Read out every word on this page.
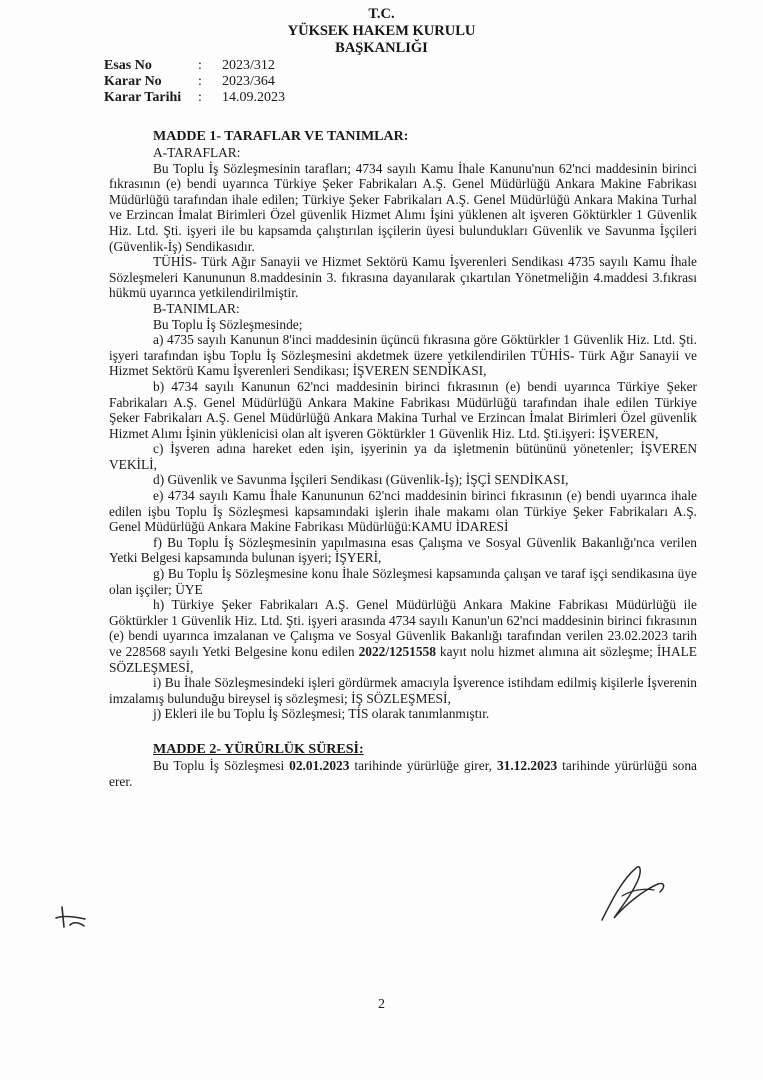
T.C.
YÜKSEK HAKEM KURULU
BAŞKANLIĞI
Esas No	: 2023/312
Karar No	: 2023/364
Karar Tarihi : 14.09.2023

MADDE 1- TARAFLAR VE TANIMLAR:

A-TARAFLAR:

Bu Toplu İş Sözleşmesinin tarafları; 4734 sayılı Kamu İhale Kanunu'nun 62'nci maddesinin birinci fıkrasının (e) bendi uyarınca Türkiye Şeker Fabrikaları A.Ş. Genel Müdürlüğü Ankara Makine Fabrikası Müdürlüğü tarafından ihale edilen; Türkiye Şeker Fabrikaları A.Ş. Genel Müdürlüğü Ankara Makina Turhal ve Erzincan İmalat Birimleri Özel güvenlik Hizmet Alımı İşini yüklenen alt işveren Göktürkler 1 Güvenlik Hiz. Ltd. Şti. işyeri ile bu kapsamda çalıştırılan işçilerin üyesi bulundukları Güvenlik ve Savunma İşçileri (Güvenlik-İş) Sendikasıdır.

TÜHİS- Türk Ağır Sanayii ve Hizmet Sektörü Kamu İşverenleri Sendikası 4735 sayılı Kamu İhale Sözleşmeleri Kanununun 8.maddesinin 3. fıkrasına dayanılarak çıkartılan Yönetmeliğin 4.maddesi 3.fıkrası hükmü uyarınca yetkilendirilmiştir.

B-TANIMLAR:

Bu Toplu İş Sözleşmesinde;

a) 4735 sayılı Kanunun 8'inci maddesinin üçüncü fıkrasına göre Göktürkler 1 Güvenlik Hiz. Ltd. Şti. işyeri tarafından işbu Toplu İş Sözleşmesini akdetmek üzere yetkilendirilen TÜHİS- Türk Ağır Sanayii ve Hizmet Sektörü Kamu İşverenleri Sendikası; İŞVEREN SENDİKASI,

b) 4734 sayılı Kanunun 62'nci maddesinin birinci fıkrasının (e) bendi uyarınca Türkiye Şeker Fabrikaları A.Ş. Genel Müdürlüğü Ankara Makine Fabrikası Müdürlüğü tarafından ihale edilen Türkiye Şeker Fabrikaları A.Ş. Genel Müdürlüğü Ankara Makina Turhal ve Erzincan İmalat Birimleri Özel güvenlik Hizmet Alımı İşinin yüklenicisi olan alt işveren Göktürkler 1 Güvenlik Hiz. Ltd. Şti.işyeri: İŞVEREN,

c) İşveren adına hareket eden işin, işyerinin ya da işletmenin bütününü yönetenler; İŞVEREN VEKİLİ,

d) Güvenlik ve Savunma İşçileri Sendikası (Güvenlik-İş); İŞÇİ SENDİKASI,

e) 4734 sayılı Kamu İhale Kanununun 62'nci maddesinin birinci fıkrasının (e) bendi uyarınca ihale edilen işbu Toplu İş Sözleşmesi kapsamındaki işlerin ihale makamı olan Türkiye Şeker Fabrikaları A.Ş. Genel Müdürlüğü Ankara Makine Fabrikası Müdürlüğü:KAMU İDARESİ

f) Bu Toplu İş Sözleşmesinin yapılmasına esas Çalışma ve Sosyal Güvenlik Bakanlığı'nca verilen Yetki Belgesi kapsamında bulunan işyeri; İŞYERİ,

g) Bu Toplu İş Sözleşmesine konu İhale Sözleşmesi kapsamında çalışan ve taraf işçi sendikasına üye olan işçiler; ÜYE

h) Türkiye Şeker Fabrikaları A.Ş. Genel Müdürlüğü Ankara Makine Fabrikası Müdürlüğü ile Göktürkler 1 Güvenlik Hiz. Ltd. Şti. işyeri arasında 4734 sayılı Kanun'un 62'nci maddesinin birinci fıkrasının (e) bendi uyarınca imzalanan ve Çalışma ve Sosyal Güvenlik Bakanlığı tarafından verilen 23.02.2023 tarih ve 228568 sayılı Yetki Belgesine konu edilen 2022/1251558 kayıt nolu hizmet alımına ait sözleşme; İHALE SÖZLEŞMESİ,

i) Bu İhale Sözleşmesindeki işleri gördürmek amacıyla İşverence istihdam edilmiş kişilerle İşverenin imzalamış bulunduğu bireysel iş sözleşmesi; İŞ SÖZLEŞMESİ,

j) Ekleri ile bu Toplu İş Sözleşmesi; TİS olarak tanımlanmıştır.

MADDE 2- YÜRÜRLÜK SÜRESİ:

Bu Toplu İş Sözleşmesi 02.01.2023 tarihinde yürürlüğe girer, 31.12.2023 tarihinde yürürlüğü sona erer.

2
